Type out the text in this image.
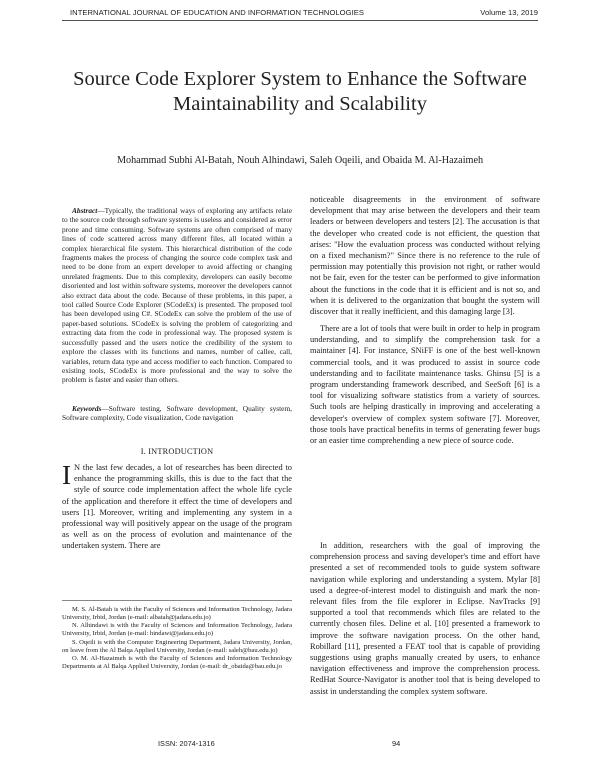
INTERNATIONAL JOURNAL OF EDUCATION AND INFORMATION TECHNOLOGIES	Volume 13, 2019
Source Code Explorer System to Enhance the Software Maintainability and Scalability
Mohammad Subhi Al-Batah, Nouh Alhindawi, Saleh Oqeili, and Obaida M. Al-Hazaimeh

Abstract—Typically, the traditional ways of exploring any artifacts relate to the source code through software systems is useless and considered as error prone and time consuming. Software systems are often comprised of many lines of code scattered across many different files, all located within a complex hierarchical file system. This hierarchical distribution of the code fragments makes the process of changing the source code complex task and need to be done from an expert developer to avoid affecting or changing unrelated fragments. Due to this complexity, developers can easily become disoriented and lost within software systems, moreover the developers cannot also extract data about the code. Because of these problems, in this paper, a tool called Source Code Explorer (SCodeEx) is presented. The proposed tool has been developed using C#. SCodeEx can solve the problem of the use of paper-based solutions. SCodeEx is solving the problem of categorizing and extracting data from the code in professional way. The proposed system is successfully passed and the users notice the credibility of the system to explore the classes with its functions and names, number of callee, call, variables, return data type and access modifier to each function. Compared to existing tools, SCodeEx is more professional and the way to solve the problem is faster and easier than others.

Keywords—Software testing, Software development, Quality system, Software complexity, Code visualization, Code navigation

I. INTRODUCTION
I N the last few decades, a lot of researches has been directed to enhance the programming skills, this is due to the fact that the style of source code implementation affect the whole life cycle of the application and therefore it effect the time of developers and users [1]. Moreover, writing and implementing any system in a professional way will positively appear on the usage of the program as well as on the process of evolution and maintenance of the undertaken system. There are

M. S. Al-Batah is with the Faculty of Sciences and Information Technology, Jadara University, Irbid, Jordan (e-mail: albatah@jadara.edu.jo)

N. Alhindawi is with the Faculty of Sciences and Information Technology, Jadara University, Irbid, Jordan (e-mail: hindawi@jadara.edu.jo)

S. Oqeili is with the Computer Engineering Department, Jadara University, Jordan, on leave from the Al Balqa Applied University, Jordan (e-mail: saleh@bau.edu.jo)

O. M. Al-Hazaimeh is with the Faculty of Sciences and Information Technology Departments at Al Balqa Applied University, Jordan (e-mail: dr_obaida@bau.edu.jo

noticeable disagreements in the environment of software development that may arise between the developers and their team leaders or between developers and testers [2]. The accusation is that the developer who created code is not efficient, the question that arises: "How the evaluation process was conducted without relying on a fixed mechanism?" Since there is no reference to the rule of permission may potentially this provision not right, or rather would not be fair, even for the tester can be performed to give information about the functions in the code that it is efficient and is not so, and when it is delivered to the organization that bought the system will discover that it really inefficient, and this damaging large [3].

There are a lot of tools that were built in order to help in program understanding, and to simplify the comprehension task for a maintainer [4]. For instance, SNiFF is one of the best well-known commercial tools, and it was produced to assist in source code understanding and to facilitate maintenance tasks. Ghinsu [5] is a program understanding framework described, and SeeSoft [6] is a tool for visualizing software statistics from a variety of sources. Such tools are helping drastically in improving and accelerating a developer's overview of complex system software [7]. Moreover, those tools have practical benefits in terms of generating fewer bugs or an easier time comprehending a new piece of source code.

In addition, researchers with the goal of improving the comprehension process and saving developer's time and effort have presented a set of recommended tools to guide system software navigation while exploring and understanding a system. Mylar [8] used a degree-of-interest model to distinguish and mark the non-relevant files from the file explorer in Eclipse. NavTracks [9] supported a tool that recommends which files are related to the currently chosen files. Deline et al. [10] presented a framework to improve the software navigation process. On the other hand, Robillard [11], presented a FEAT tool that is capable of providing suggestions using graphs manually created by users, to enhance navigation effectiveness and improve the comprehension process. RedHat Source-Navigator is another tool that is being developed to assist in understanding the complex system software.

ISSN: 2074-1316	94
